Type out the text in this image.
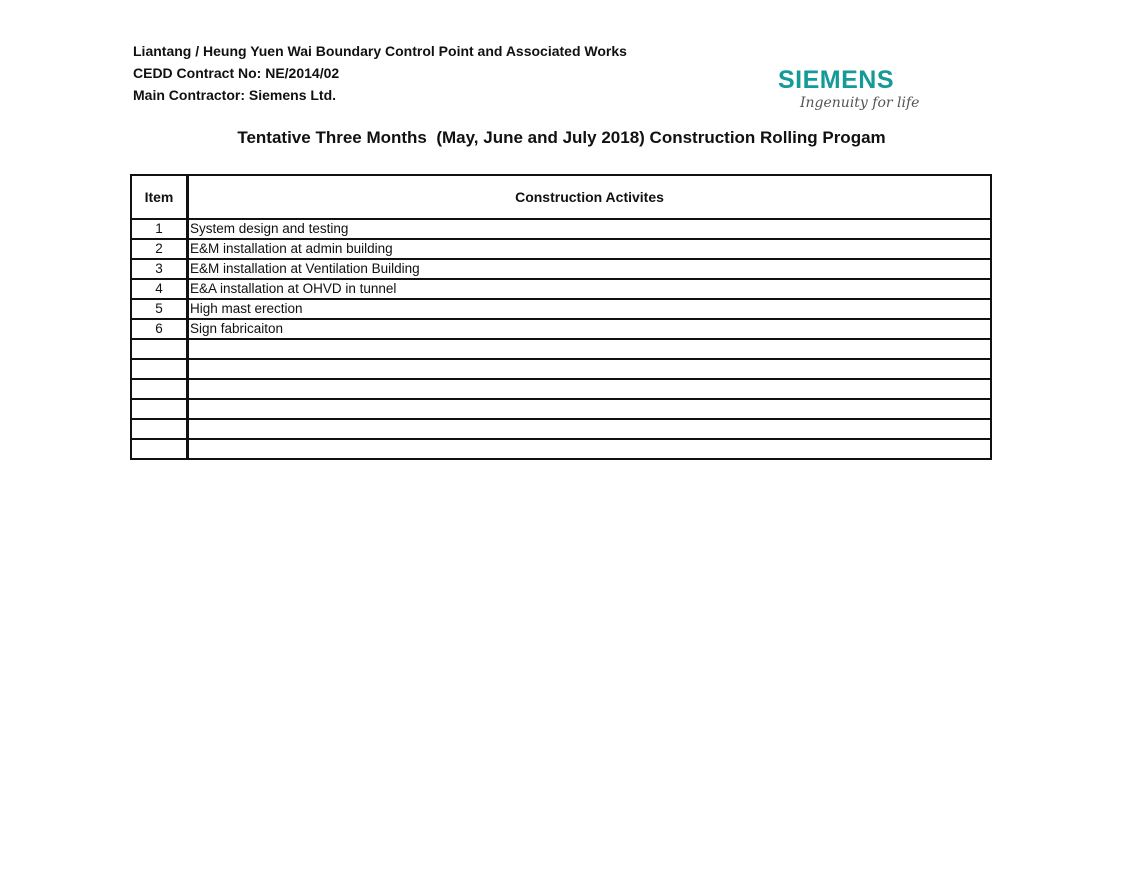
Liantang / Heung Yuen Wai Boundary Control Point and Associated Works
CEDD Contract No: NE/2014/02
Main Contractor: Siemens Ltd.
SIEMENS
Ingenuity for life
Tentative Three Months  (May, June and July 2018) Construction Rolling Progam
Item	Construction Activites
1	System design and testing
2	E&M installation at admin building
3	E&M installation at Ventilation Building
4	E&A installation at OHVD in tunnel
5	High mast erection
6	Sign fabricaiton
